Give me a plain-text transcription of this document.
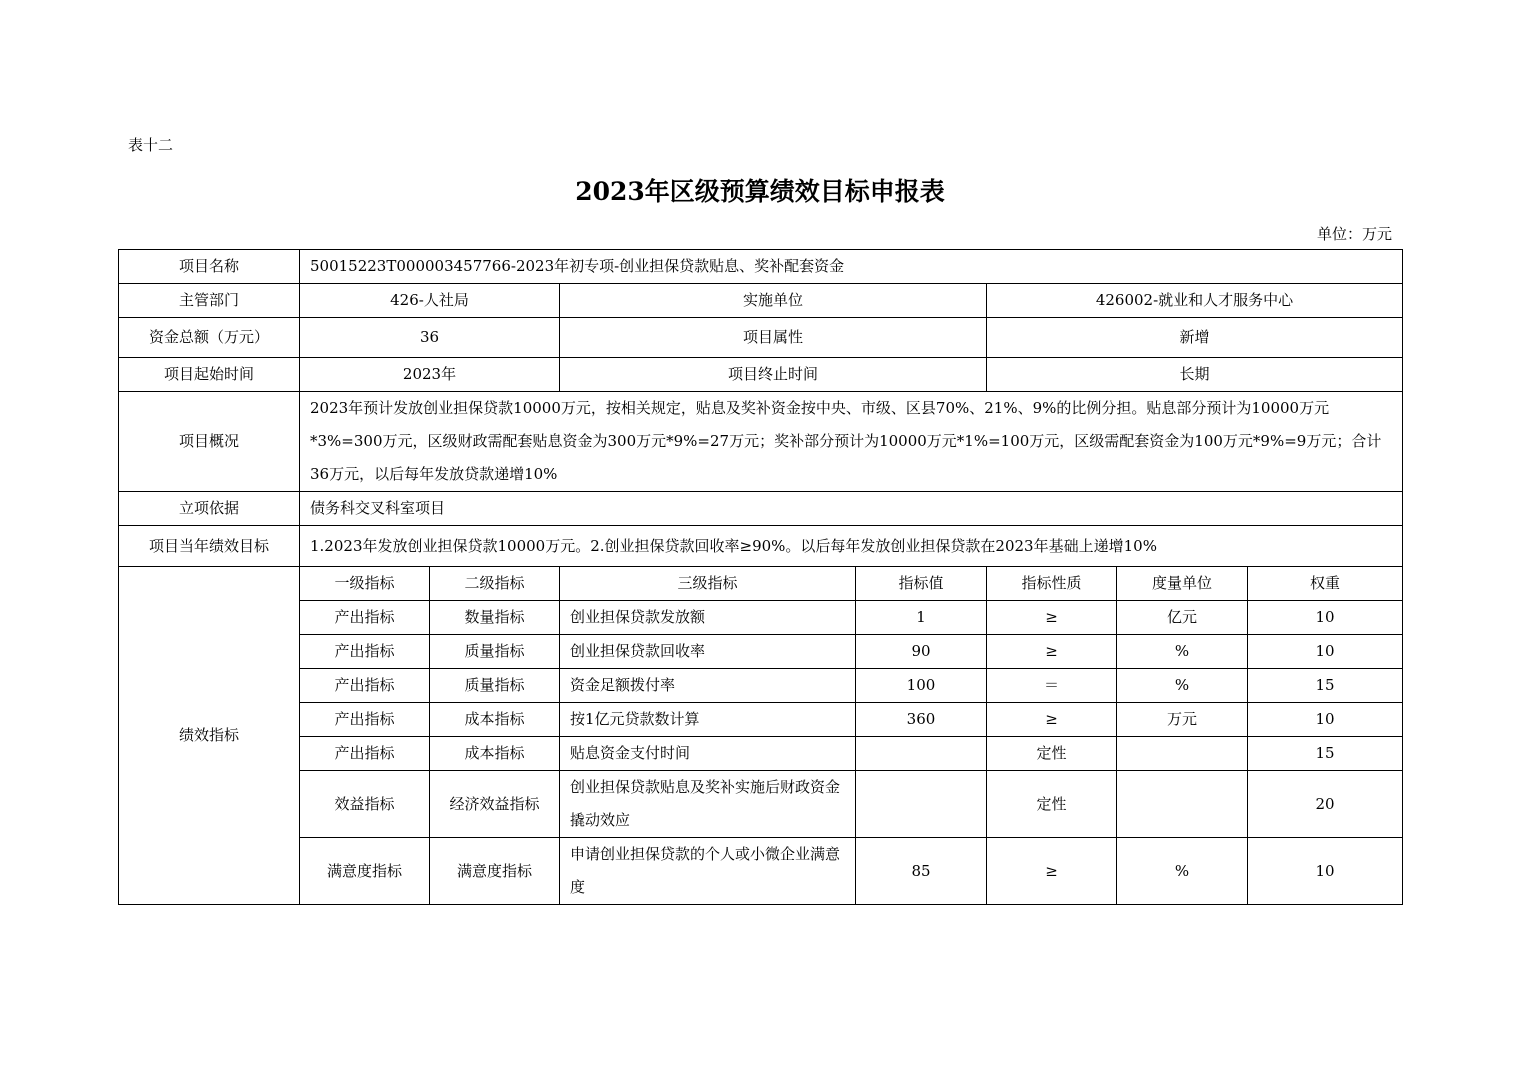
表十二
2023年区级预算绩效目标申报表
单位：万元
项目名称	50015223T000003457766-2023年初专项-创业担保贷款贴息、奖补配套资金						
主管部门	426-人社局		实施单位		426002-就业和人才服务中心		
资金总额（万元）	36		项目属性		新增		
项目起始时间	2023年		项目终止时间		长期		
项目概况	2023年预计发放创业担保贷款10000万元，按相关规定，贴息及奖补资金按中央、市级、区县70%、21%、9%的比例分担。贴息部分预计为10000万元*3%=300万元，区级财政需配套贴息资金为300万元*9%=27万元；奖补部分预计为10000万元*1%=100万元，区级需配套资金为100万元*9%=9万元；合计36万元，以后每年发放贷款递增10%						
立项依据	债务科交叉科室项目						
项目当年绩效目标	1.2023年发放创业担保贷款10000万元。2.创业担保贷款回收率≥90%。以后每年发放创业担保贷款在2023年基础上递增10%						
绩效指标	一级指标	二级指标	三级指标	指标值	指标性质	度量单位	权重
	产出指标	数量指标	创业担保贷款发放额	1	≥	亿元	10
	产出指标	质量指标	创业担保贷款回收率	90	≥	%	10
	产出指标	质量指标	资金足额拨付率	100	＝	%	15
	产出指标	成本指标	按1亿元贷款数计算	360	≥	万元	10
	产出指标	成本指标	贴息资金支付时间		定性		15
	效益指标	经济效益指标	创业担保贷款贴息及奖补实施后财政资金撬动效应		定性		20
	满意度指标	满意度指标	申请创业担保贷款的个人或小微企业满意度	85	≥	%	10
